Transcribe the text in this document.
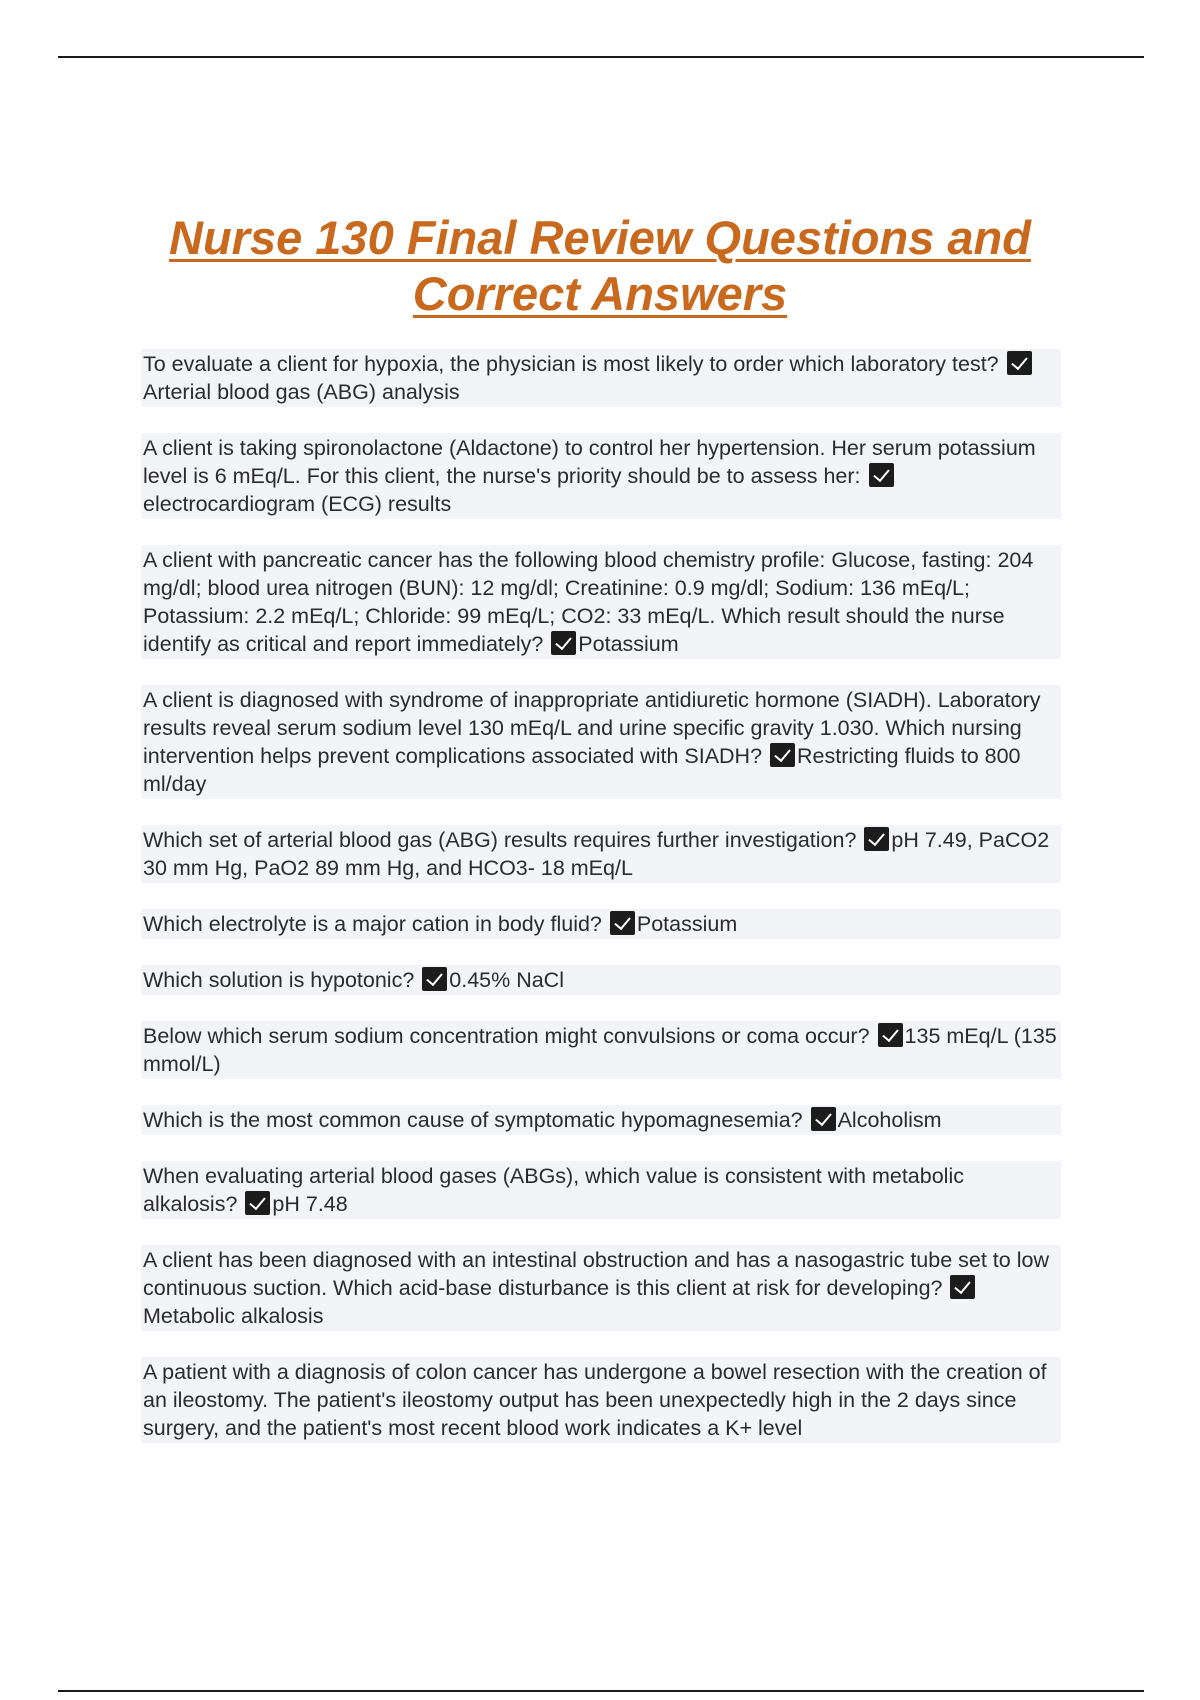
Nurse 130 Final Review Questions and
Correct Answers
To evaluate a client for hypoxia, the physician is most likely to order which laboratory test? Arterial blood gas (ABG) analysis
A client is taking spironolactone (Aldactone) to control her hypertension. Her serum potassium level is 6 mEq/L. For this client, the nurse's priority should be to assess her: electrocardiogram (ECG) results
A client with pancreatic cancer has the following blood chemistry profile: Glucose, fasting: 204 mg/dl; blood urea nitrogen (BUN): 12 mg/dl; Creatinine: 0.9 mg/dl; Sodium: 136 mEq/L; Potassium: 2.2 mEq/L; Chloride: 99 mEq/L; CO2: 33 mEq/L. Which result should the nurse identify as critical and report immediately? Potassium
A client is diagnosed with syndrome of inappropriate antidiuretic hormone (SIADH). Laboratory results reveal serum sodium level 130 mEq/L and urine specific gravity 1.030. Which nursing intervention helps prevent complications associated with SIADH? Restricting fluids to 800 ml/day
Which set of arterial blood gas (ABG) results requires further investigation? pH 7.49, PaCO2 30 mm Hg, PaO2 89 mm Hg, and HCO3- 18 mEq/L
Which electrolyte is a major cation in body fluid? Potassium
Which solution is hypotonic? 0.45% NaCl
Below which serum sodium concentration might convulsions or coma occur? 135 mEq/L (135 mmol/L)
Which is the most common cause of symptomatic hypomagnesemia? Alcoholism
When evaluating arterial blood gases (ABGs), which value is consistent with metabolic alkalosis? pH 7.48
A client has been diagnosed with an intestinal obstruction and has a nasogastric tube set to low continuous suction. Which acid-base disturbance is this client at risk for developing? Metabolic alkalosis
A patient with a diagnosis of colon cancer has undergone a bowel resection with the creation of an ileostomy. The patient's ileostomy output has been unexpectedly high in the 2 days since surgery, and the patient's most recent blood work indicates a K+ level
